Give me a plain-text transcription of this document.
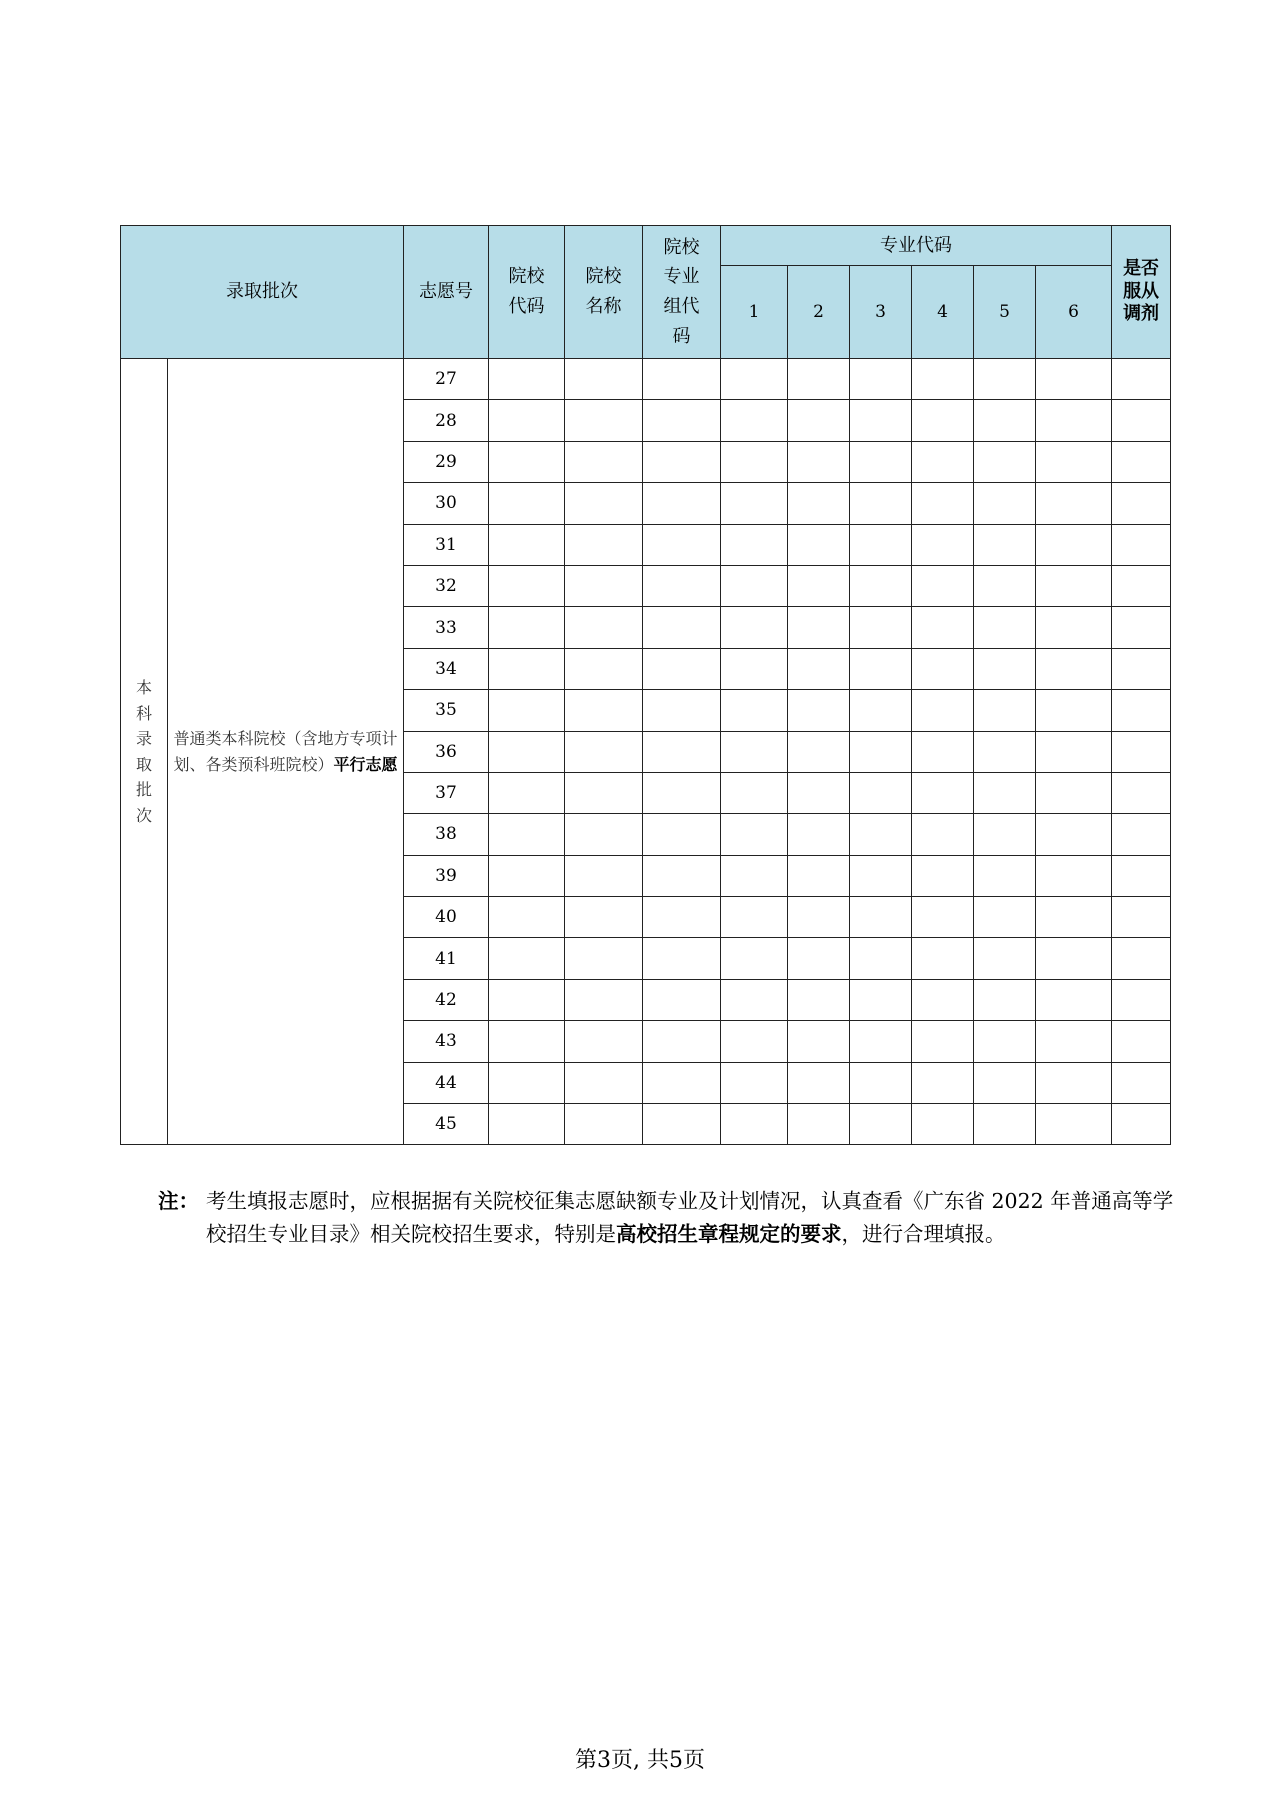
录取批次		志愿号	院校代码	院校名称	院校专业组代码	专业代码						是否服从调剂
						1	2	3	4	5	6	
本科录取批次	普通类本科院校（含地方专项计划、各类预科班院校）平行志愿	27										
		28										
		29										
		30										
		31										
		32										
		33										
		34										
		35										
		36										
		37										
		38										
		39										
		40										
		41										
		42										
		43										
		44										
		45										
注： 考生填报志愿时，应根据据有关院校征集志愿缺额专业及计划情况，认真查看《广东省 2022 年普通高等学校招生专业目录》相关院校招生要求，特别是高校招生章程规定的要求，进行合理填报。
第3页, 共5页
